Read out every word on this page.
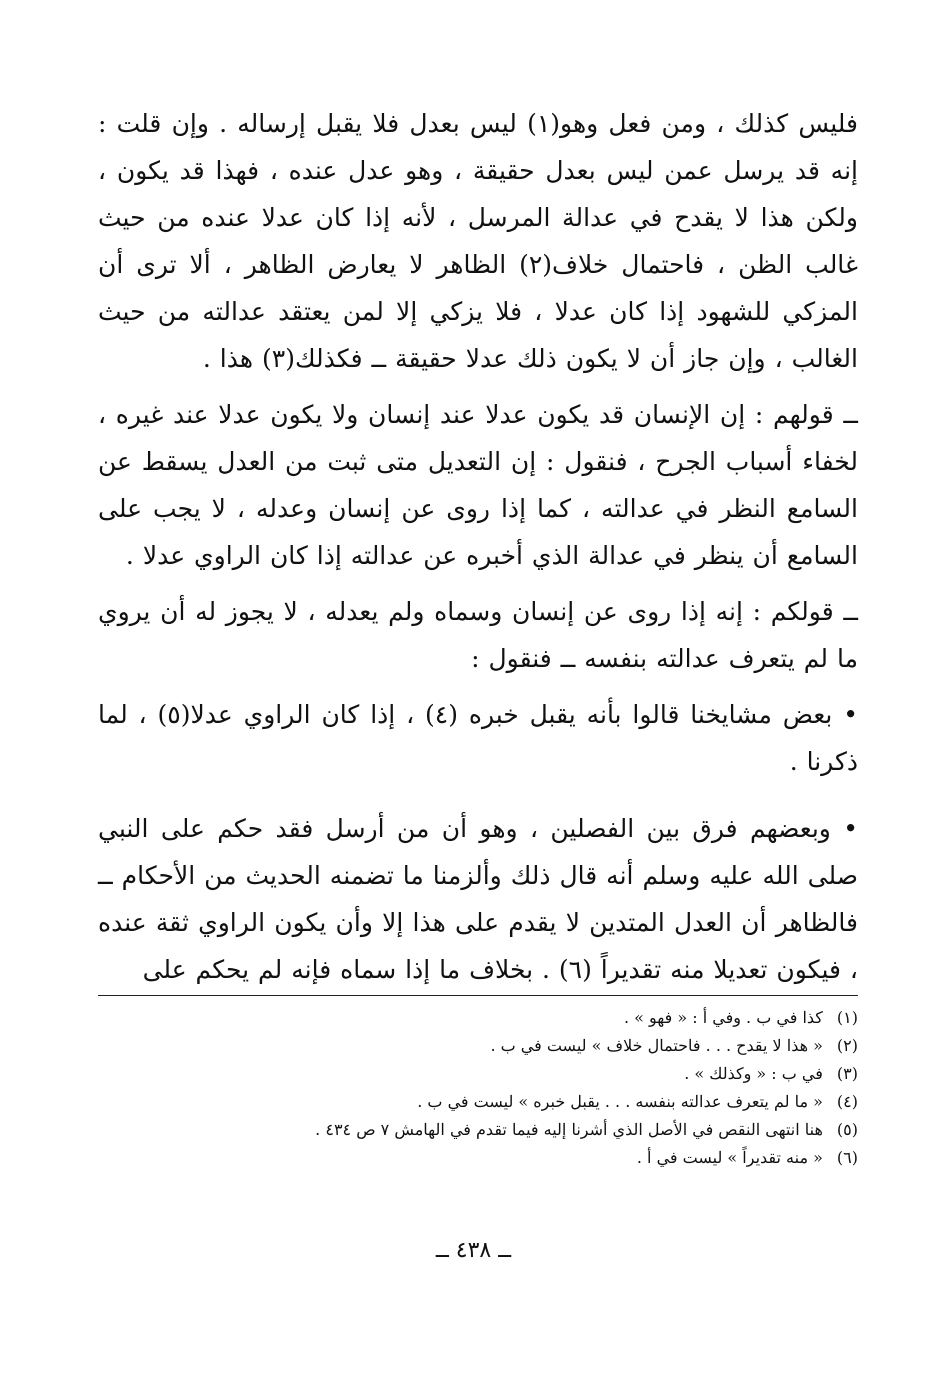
فليس كذلك ، ومن فعل وهو(١) ليس بعدل فلا يقبل إرساله . وإن قلت : إنه قد يرسل عمن ليس بعدل حقيقة ، وهو عدل عنده ، فهذا قد يكون ، ولكن هذا لا يقدح في عدالة المرسل ، لأنه إذا كان عدلا عنده من حيث غالب الظن ، فاحتمال خلاف(٢) الظاهر لا يعارض الظاهر ، ألا ترى أن المزكي للشهود إذا كان عدلا ، فلا يزكي إلا لمن يعتقد عدالته من حيث الغالب ، وإن جاز أن لا يكون ذلك عدلا حقيقة ــ فكذلك(٣) هذا .

ــ قولهم : إن الإنسان قد يكون عدلا عند إنسان ولا يكون عدلا عند غيره ، لخفاء أسباب الجرح ، فنقول : إن التعديل متى ثبت من العدل يسقط عن السامع النظر في عدالته ، كما إذا روى عن إنسان وعدله ، لا يجب على السامع أن ينظر في عدالة الذي أخبره عن عدالته إذا كان الراوي عدلا .

ــ قولكم : إنه إذا روى عن إنسان وسماه ولم يعدله ، لا يجوز له أن يروي ما لم يتعرف عدالته بنفسه ــ فنقول :

• بعض مشايخنا قالوا بأنه يقبل خبره (٤) ، إذا كان الراوي عدلا(٥) ، لما ذكرنا .

• وبعضهم فرق بين الفصلين ، وهو أن من أرسل فقد حكم على النبي صلى الله عليه وسلم أنه قال ذلك وألزمنا ما تضمنه الحديث من الأحكام ــ فالظاهر أن العدل المتدين لا يقدم على هذا إلا وأن يكون الراوي ثقة عنده ، فيكون تعديلا منه تقديراً (٦) . بخلاف ما إذا سماه فإنه لم يحكم على

(١) كذا في ب . وفي أ : « فهو » .
(٢) « هذا لا يقدح . . . فاحتمال خلاف » ليست في ب .
(٣) في ب : « وكذلك » .
(٤) « ما لم يتعرف عدالته بنفسه . . . يقبل خبره » ليست في ب .
(٥) هنا انتهى النقص في الأصل الذي أشرنا إليه فيما تقدم في الهامش ٧ ص ٤٣٤ .
(٦) « منه تقديراً » ليست في أ .
ــ ٤٣٨ ــ
